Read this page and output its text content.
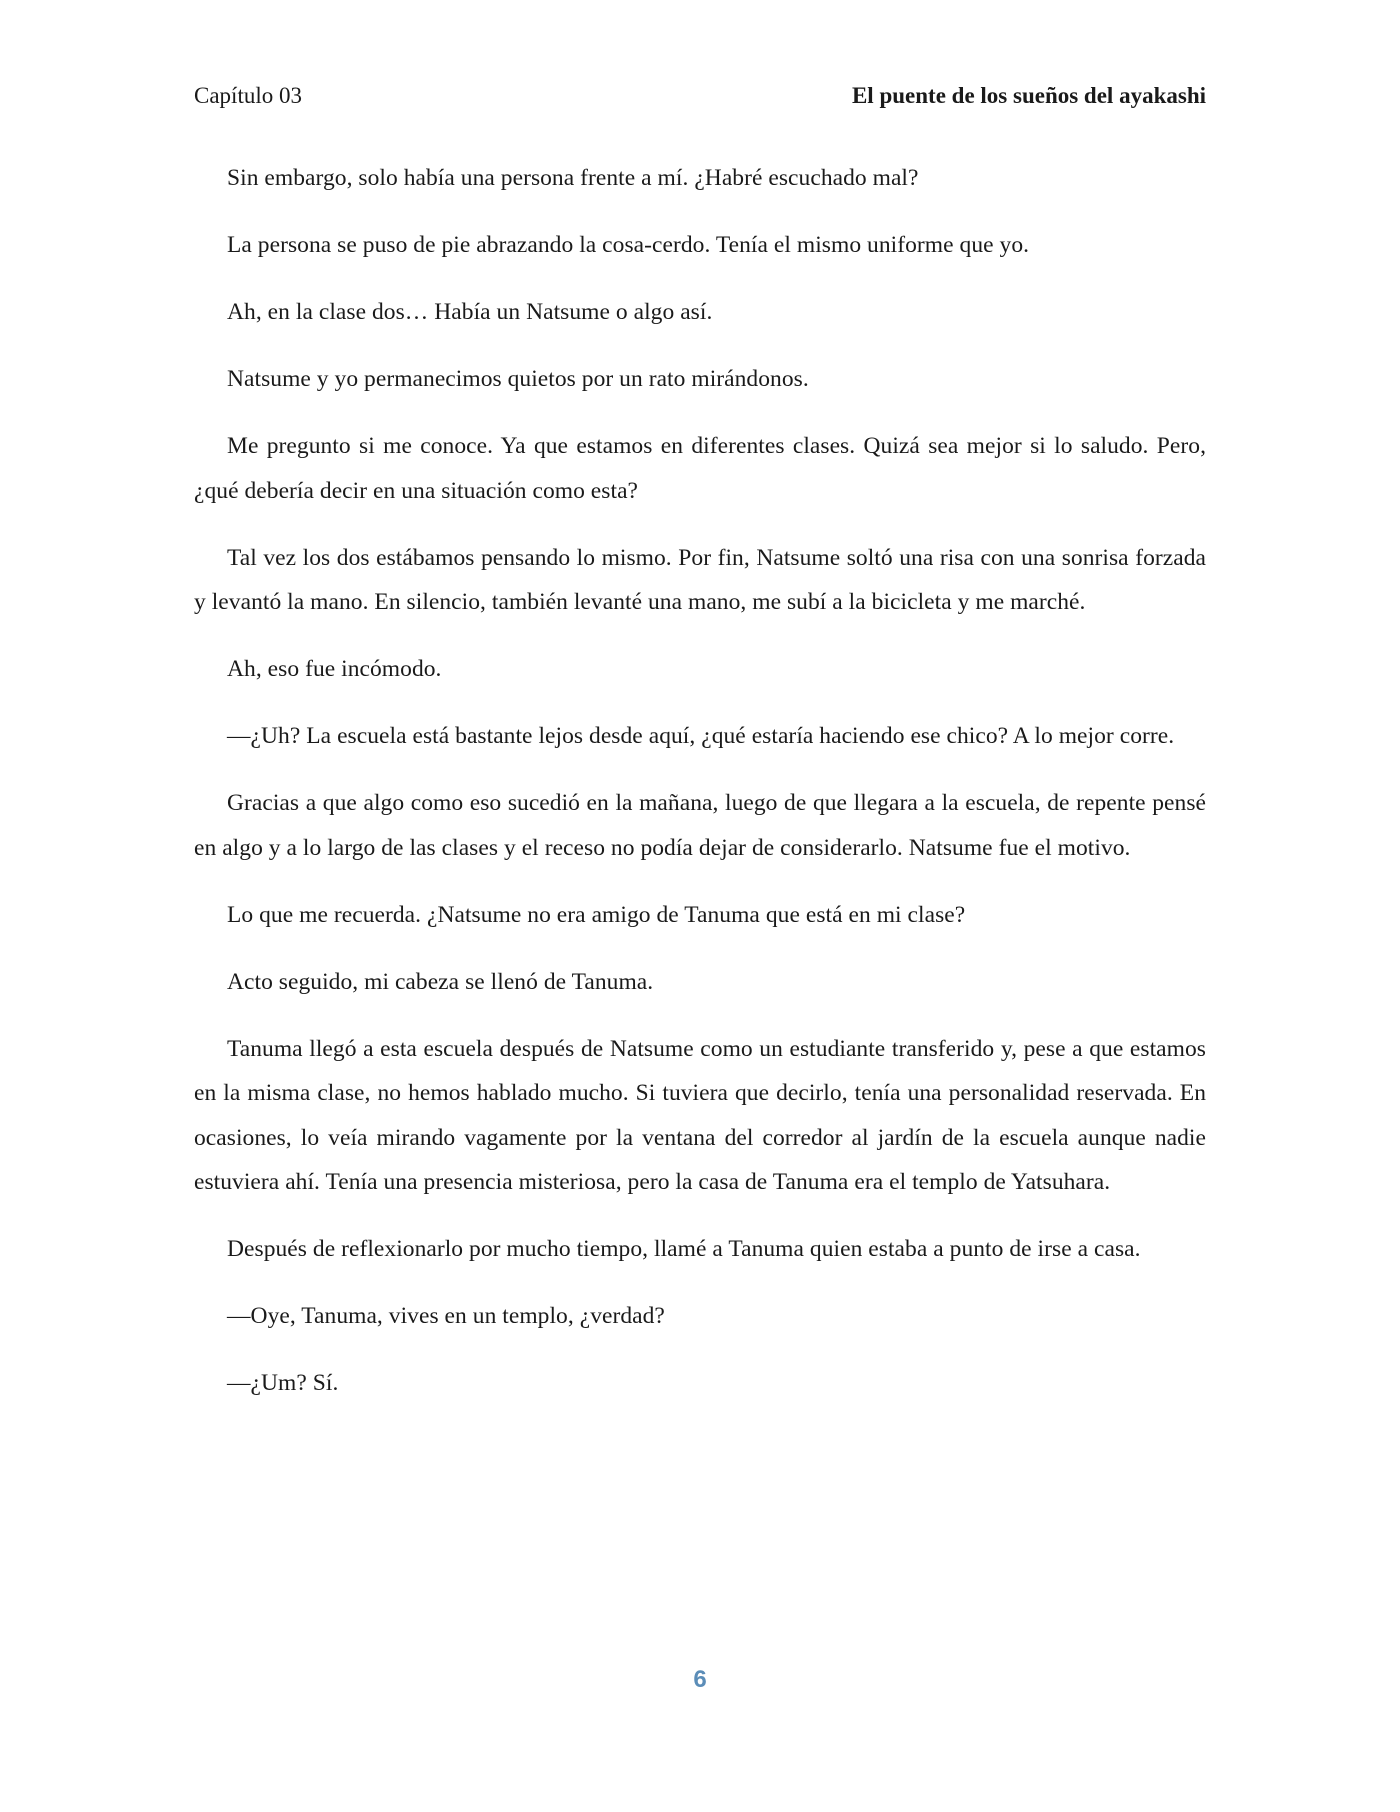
Capítulo 03	El puente de los sueños del ayakashi

Sin embargo, solo había una persona frente a mí. ¿Habré escuchado mal?

La persona se puso de pie abrazando la cosa-cerdo. Tenía el mismo uniforme que yo.

Ah, en la clase dos… Había un Natsume o algo así.

Natsume y yo permanecimos quietos por un rato mirándonos.

Me pregunto si me conoce. Ya que estamos en diferentes clases. Quizá sea mejor si lo saludo. Pero, ¿qué debería decir en una situación como esta?

Tal vez los dos estábamos pensando lo mismo. Por fin, Natsume soltó una risa con una sonrisa forzada y levantó la mano. En silencio, también levanté una mano, me subí a la bicicleta y me marché.

Ah, eso fue incómodo.

—¿Uh? La escuela está bastante lejos desde aquí, ¿qué estaría haciendo ese chico? A lo mejor corre.

Gracias a que algo como eso sucedió en la mañana, luego de que llegara a la escuela, de repente pensé en algo y a lo largo de las clases y el receso no podía dejar de considerarlo. Natsume fue el motivo.

Lo que me recuerda. ¿Natsume no era amigo de Tanuma que está en mi clase?

Acto seguido, mi cabeza se llenó de Tanuma.

Tanuma llegó a esta escuela después de Natsume como un estudiante transferido y, pese a que estamos en la misma clase, no hemos hablado mucho. Si tuviera que decirlo, tenía una personalidad reservada. En ocasiones, lo veía mirando vagamente por la ventana del corredor al jardín de la escuela aunque nadie estuviera ahí. Tenía una presencia misteriosa, pero la casa de Tanuma era el templo de Yatsuhara.

Después de reflexionarlo por mucho tiempo, llamé a Tanuma quien estaba a punto de irse a casa.

—Oye, Tanuma, vives en un templo, ¿verdad?

—¿Um? Sí.

6
